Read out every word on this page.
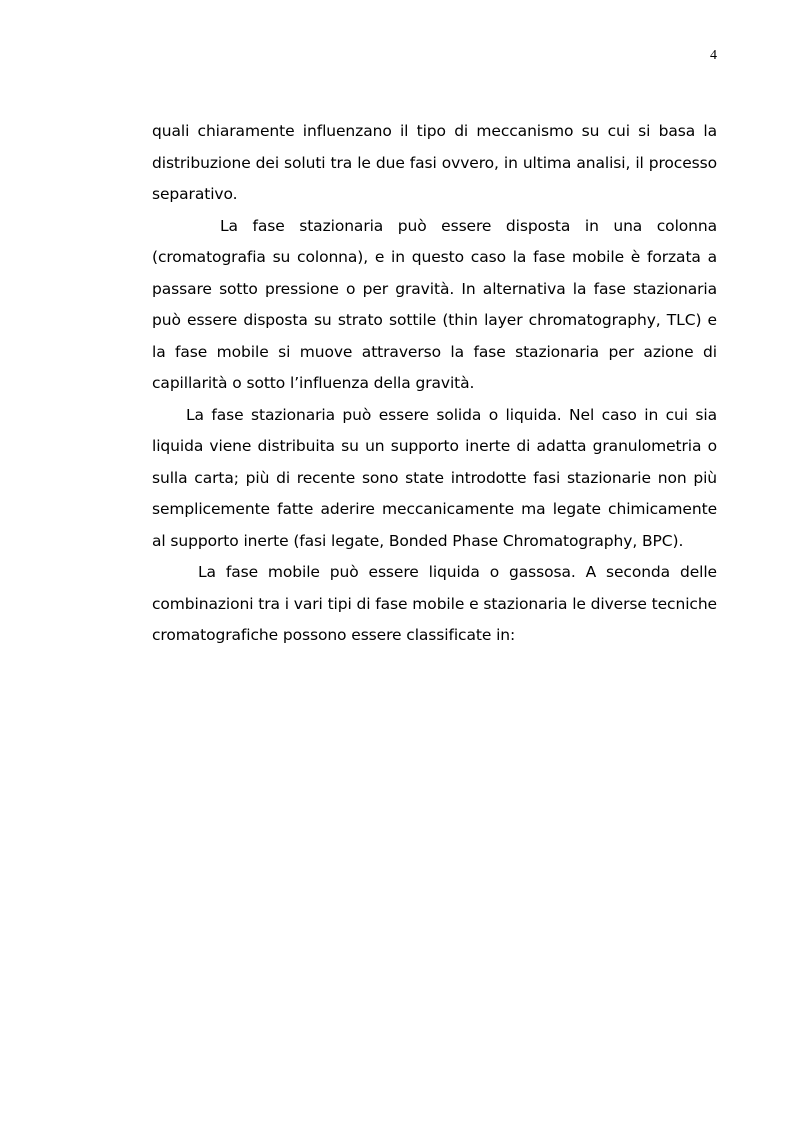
4

quali chiaramente influenzano il tipo di meccanismo su cui si basa la distribuzione dei soluti tra le due fasi ovvero, in ultima analisi, il processo separativo.

La fase stazionaria può essere disposta in una colonna (cromatografia su colonna), e in questo caso la fase mobile è forzata a passare sotto pressione o per gravità. In alternativa la fase stazionaria può essere disposta su strato sottile (thin layer chromatography, TLC) e la fase mobile si muove attraverso la fase stazionaria per azione di capillarità o sotto l’influenza della gravità.

La fase stazionaria può essere solida o liquida. Nel caso in cui sia liquida viene distribuita su un supporto inerte di adatta granulometria o sulla carta; più di recente sono state introdotte fasi stazionarie non più semplicemente fatte aderire meccanicamente ma legate chimicamente al supporto inerte (fasi legate, Bonded Phase Chromatography, BPC).

La fase mobile può essere liquida o gassosa. A seconda delle combinazioni tra i vari tipi di fase mobile e stazionaria le diverse tecniche cromatografiche possono essere classificate in:
